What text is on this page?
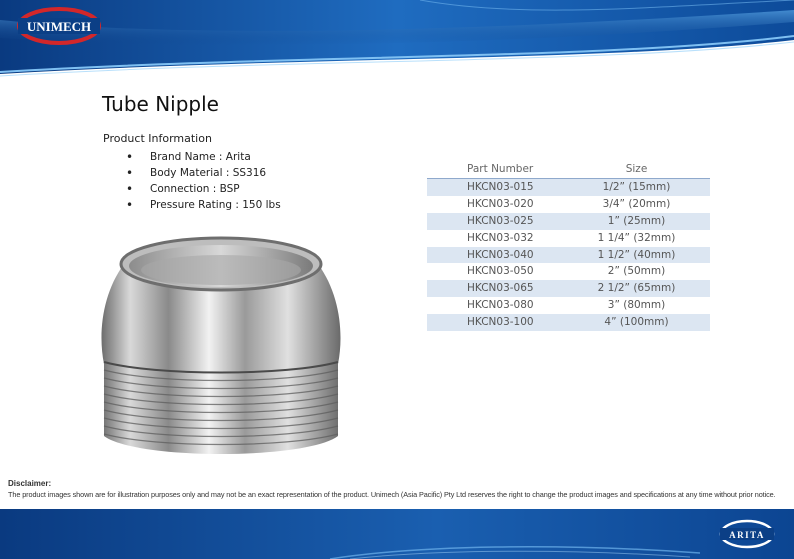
UNIMECH
Tube Nipple
Product Information
• Brand Name : Arita
• Body Material : SS316
• Connection : BSP
• Pressure Rating : 150 lbs
Part Number	Size
HKCN03-015	1/2” (15mm)
HKCN03-020	3/4” (20mm)
HKCN03-025	1” (25mm)
HKCN03-032	1 1/4” (32mm)
HKCN03-040	1 1/2” (40mm)
HKCN03-050	2” (50mm)
HKCN03-065	2 1/2” (65mm)
HKCN03-080	3” (80mm)
HKCN03-100	4” (100mm)
Disclaimer:
The product images shown are for illustration purposes only and may not be an exact representation of the product. Unimech (Asia Pacific) Pty Ltd reserves the right to change the product images and specifications at any time without prior notice.
ARITA
